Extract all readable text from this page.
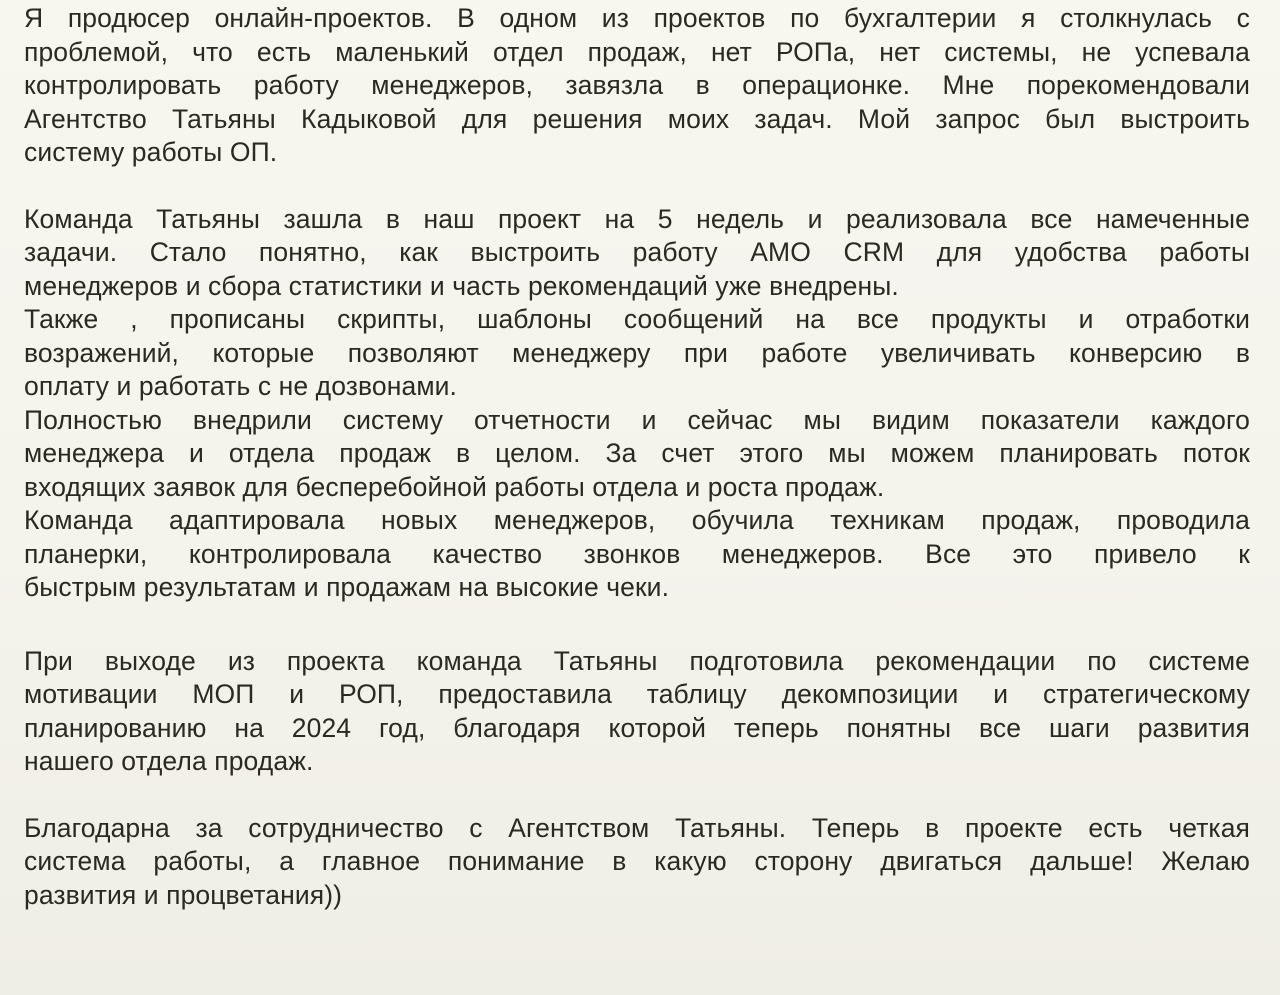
Я продюсер онлайн-проектов. В одном из проектов по бухгалтерии я столкнулась с
проблемой, что есть маленький отдел продаж, нет РОПа, нет системы, не успевала
контролировать работу менеджеров, завязла в операционке. Мне порекомендовали
Агентство Татьяны Кадыковой для решения моих задач. Мой запрос был выстроить
систему работы ОП.

Команда Татьяны зашла в наш проект на 5 недель и реализовала все намеченные
задачи. Стало понятно, как выстроить работу АМО CRM для удобства работы
менеджеров и сбора статистики и часть рекомендаций уже внедрены.

Также , прописаны скрипты, шаблоны сообщений на все продукты и отработки
возражений, которые позволяют менеджеру при работе увеличивать конверсию в
оплату и работать с не дозвонами.

Полностью внедрили систему отчетности и сейчас мы видим показатели каждого
менеджера и отдела продаж в целом. За счет этого мы можем планировать поток
входящих заявок для бесперебойной работы отдела и роста продаж.

Команда адаптировала новых менеджеров, обучила техникам продаж, проводила
планерки, контролировала качество звонков менеджеров. Все это привело к
быстрым результатам и продажам на высокие чеки.

При выходе из проекта команда Татьяны подготовила рекомендации по системе
мотивации МОП и РОП, предоставила таблицу декомпозиции и стратегическому
планированию на 2024 год, благодаря которой теперь понятны все шаги развития
нашего отдела продаж.

Благодарна за сотрудничество с Агентством Татьяны. Теперь в проекте есть четкая
система работы, а главное понимание в какую сторону двигаться дальше! Желаю
развития и процветания))
